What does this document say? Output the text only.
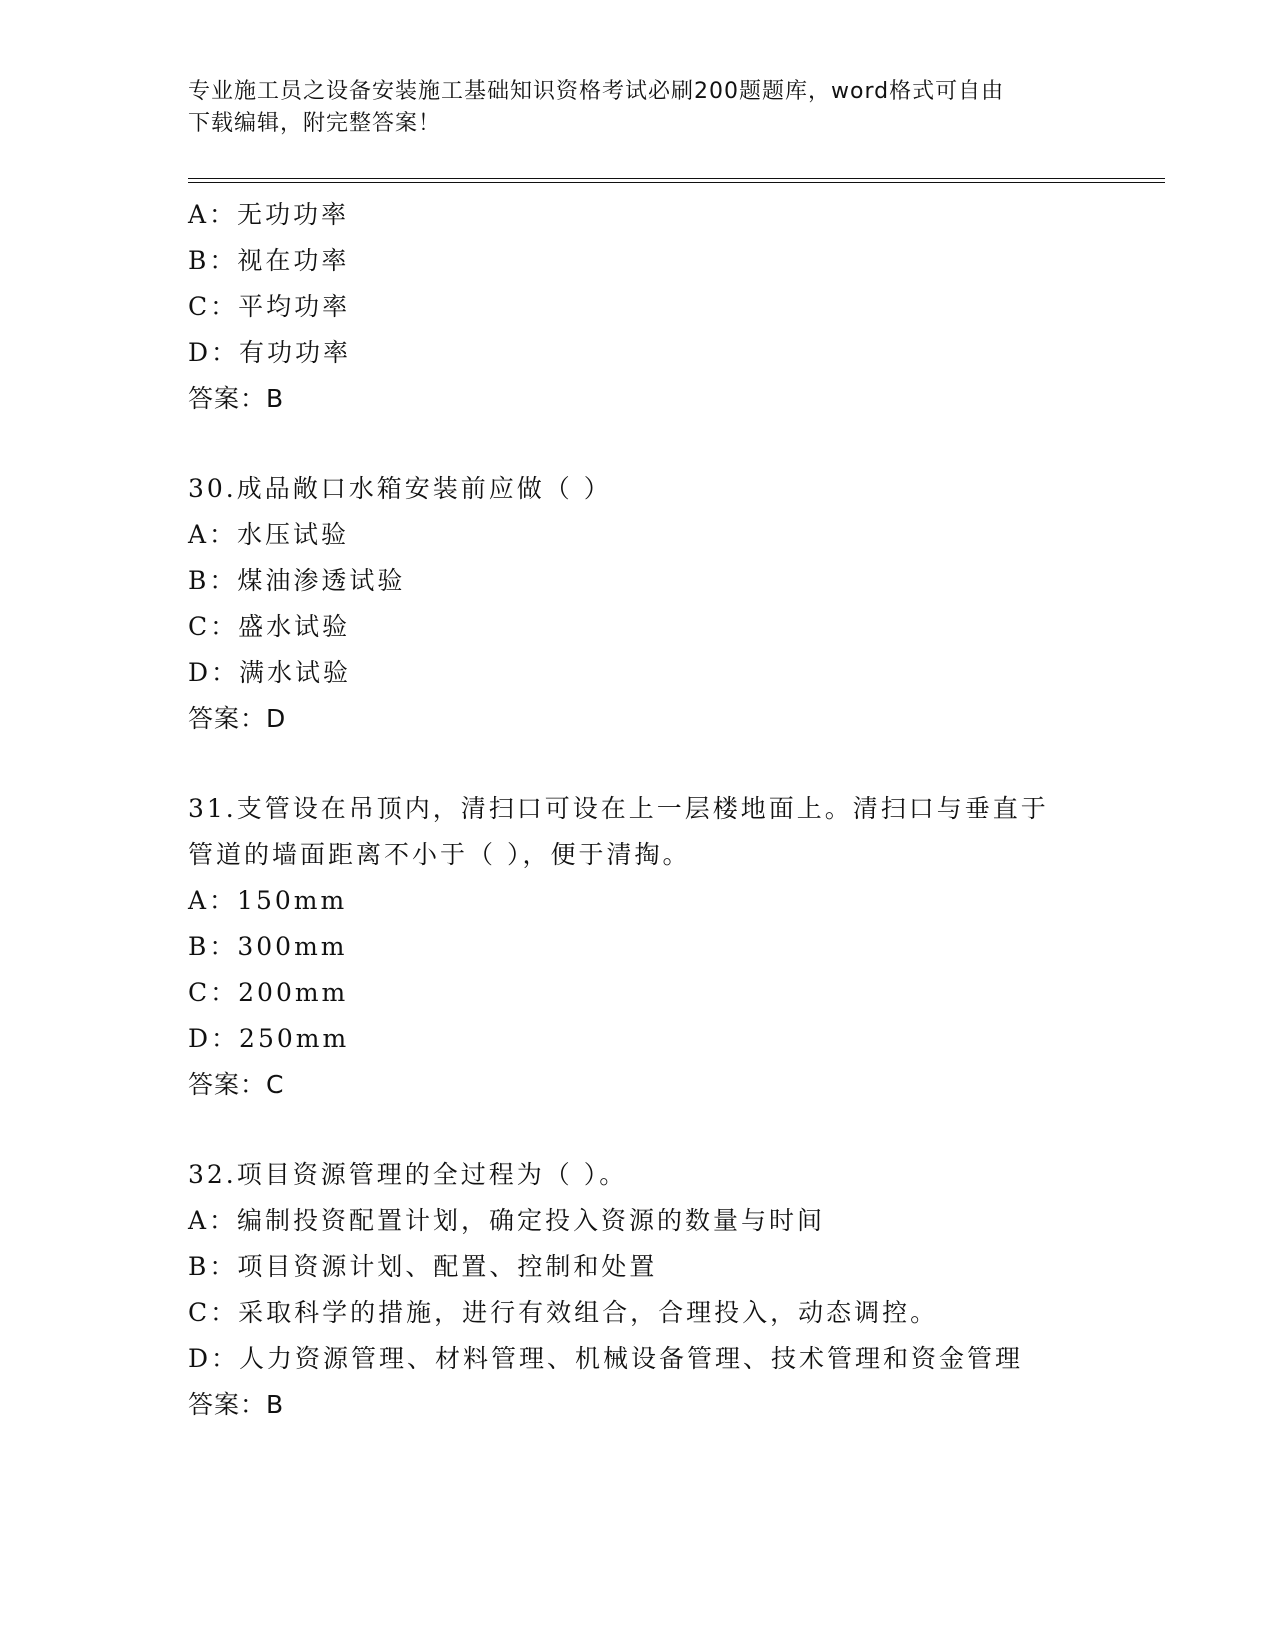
专业施工员之设备安装施工基础知识资格考试必刷200题题库，word格式可自由
下载编辑，附完整答案！
A：无功功率
B：视在功率
C：平均功率
D：有功功率
答案：B
30.成品敞口水箱安装前应做（ ）
A：水压试验
B：煤油渗透试验
C：盛水试验
D：满水试验
答案：D
31.支管设在吊顶内，清扫口可设在上一层楼地面上。清扫口与垂直于
管道的墙面距离不小于（ ），便于清掏。
A：150mm
B：300mm
C：200mm
D：250mm
答案：C
32.项目资源管理的全过程为（ ）。
A：编制投资配置计划，确定投入资源的数量与时间
B：项目资源计划、配置、控制和处置
C：采取科学的措施，进行有效组合，合理投入，动态调控。
D：人力资源管理、材料管理、机械设备管理、技术管理和资金管理
答案：B
